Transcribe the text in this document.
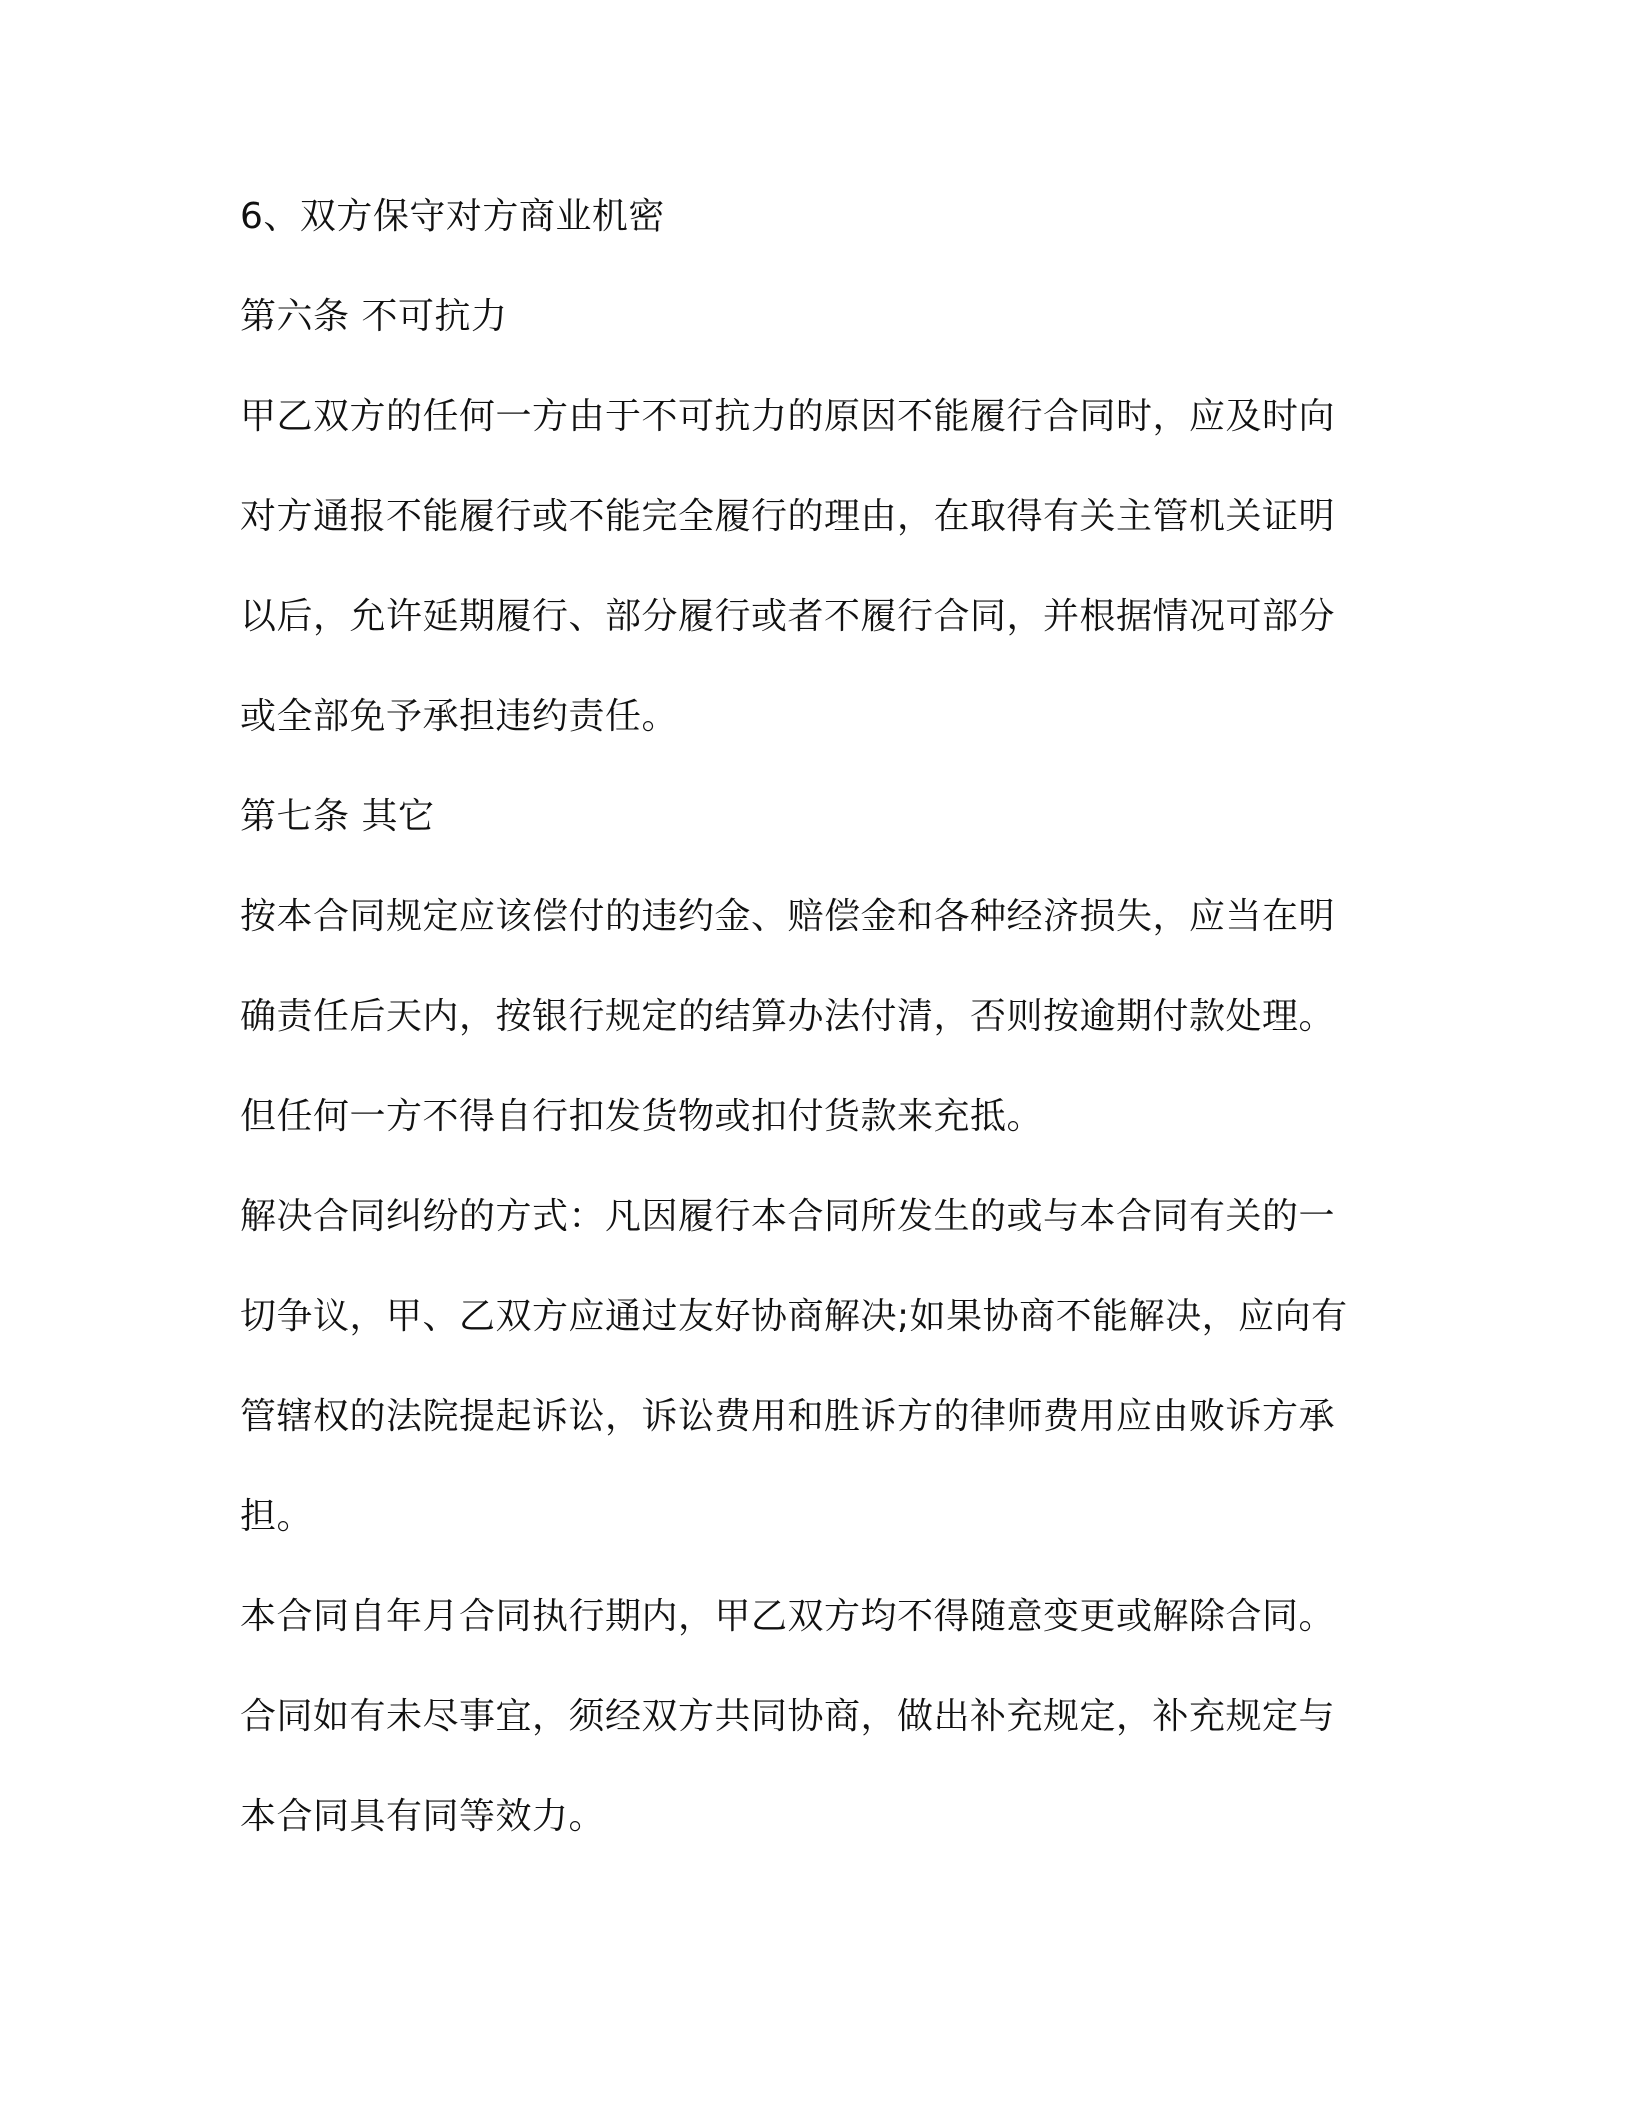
6、双方保守对方商业机密
第六条 不可抗力
甲乙双方的任何一方由于不可抗力的原因不能履行合同时，应及时向
对方通报不能履行或不能完全履行的理由，在取得有关主管机关证明
以后，允许延期履行、部分履行或者不履行合同，并根据情况可部分
或全部免予承担违约责任。
第七条 其它
按本合同规定应该偿付的违约金、赔偿金和各种经济损失，应当在明
确责任后天内，按银行规定的结算办法付清，否则按逾期付款处理。
但任何一方不得自行扣发货物或扣付货款来充抵。
解决合同纠纷的方式：凡因履行本合同所发生的或与本合同有关的一
切争议，甲、乙双方应通过友好协商解决;如果协商不能解决，应向有
管辖权的法院提起诉讼，诉讼费用和胜诉方的律师费用应由败诉方承
担。
本合同自年月合同执行期内，甲乙双方均不得随意变更或解除合同。
合同如有未尽事宜，须经双方共同协商，做出补充规定，补充规定与
本合同具有同等效力。
